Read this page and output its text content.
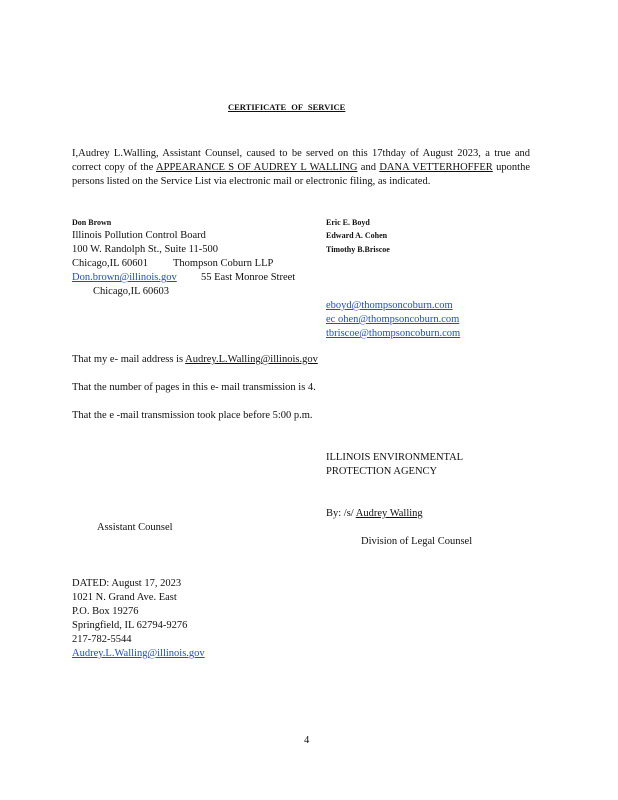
CERTIFICATE OF SERVICE
I,Audrey L.Walling, Assistant Counsel, caused to be served on this 17thday of August 2023, a true and correct copy of the APPEARANCE S OF AUDREY L WALLING and DANA VETTERHOFFER uponthe persons listed on the Service List via electronic mail or electronic filing, as indicated.
Don Brown
Illinois Pollution Control Board
100 W. Randolph St., Suite 11-500
Chicago,IL 60601 Thompson Coburn LLP
Don.brown@illinois.gov 55 East Monroe Street
Chicago,IL 60603
Eric E. Boyd
Edward A. Cohen
Timothy B.Briscoe
eboyd@thompsoncoburn.com
ec ohen@thompsoncoburn.com
tbriscoe@thompsoncoburn.com
That my e- mail address is Audrey.L.Walling@illinois.gov
That the number of pages in this e- mail transmission is 4.
That the e -mail transmission took place before 5:00 p.m.
ILLINOIS ENVIRONMENTAL
PROTECTION AGENCY
By: /s/ Audrey Walling
Assistant Counsel
Division of Legal Counsel
DATED: August 17, 2023
1021 N. Grand Ave. East
P.O. Box 19276
Springfield, IL 62794-9276
217-782-5544
Audrey.L.Walling@illinois.gov
4
